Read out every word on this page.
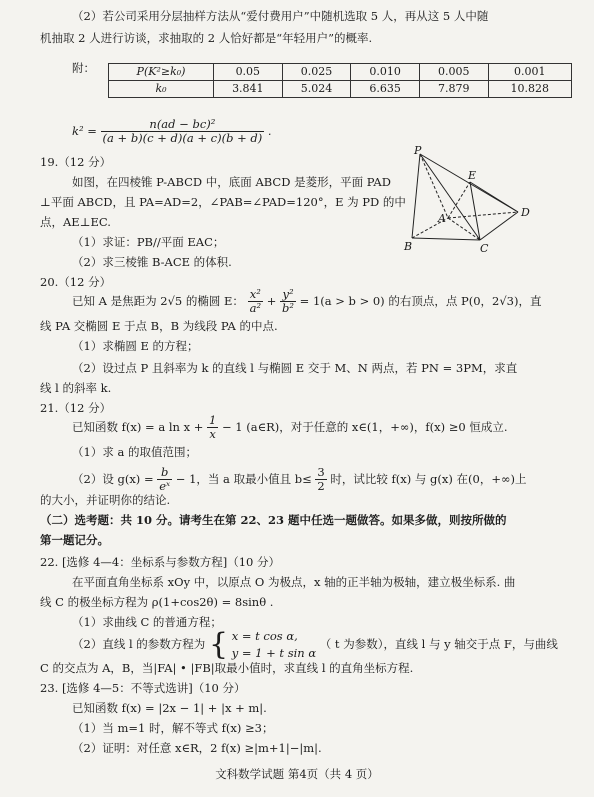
（2）若公司采用分层抽样方法从“爱付费用户”中随机选取 5 人，再从这 5 人中随
机抽取 2 人进行访谈，求抽取的 2 人恰好都是“年轻用户”的概率.
附：	P(K²≥k₀)	0.05	0.025	0.010	0.005	0.001
k₀	3.841	5.024	6.635	7.879	10.828
$k^2 = \frac{\text{n(ad − bc)²}}{(a + b)(c + d)(a + c)(b + d)}$ .
19.（12 分）
如图，在四棱锥 P-ABCD 中，底面 ABCD 是菱形，平面 PAD
⊥平面 ABCD，且 PA=AD=2，∠PAB=∠PAD=120°，E 为 PD 的中
点，AE⊥EC.
（1）求证：PB//平面 EAC；
（2）求三棱锥 B-ACE 的体积.
P
E
A
B	C
D
20.（12 分）
已知 A 是焦距为 2√5 的椭圆 E： $\frac{\text{x²}}{\text{a²}} + \frac{\text{y²}}{\text{b²}} = 1(a > b > 0)$ 的右顶点，点 P(0，2√3)，直
线 PA 交椭圆 E 于点 B，B 为线段 PA 的中点.
（1）求椭圆 E 的方程；
（2）设过点 P 且斜率为 k 的直线 l 与椭圆 E 交于 M、N 两点，若 PN = 3PM，求直
线 l 的斜率 k.
21.（12 分）
已知函数 f(x) = a $\ln x + \frac{1}{x} - 1$ (a∈R)，对于任意的 x∈(1，+∞)，f(x) ≥0 恒成立.
（1）求 a 的取值范围；
（2）设 $g(x) = \frac{b}{\text{eˣ}} - 1$，当 a 取最小值且 $b\le \frac{3}{2}$ 时，试比较 f(x) 与 g(x) 在(0，+∞)上
的大小，并证明你的结论.
（二）选考题：共 10 分。请考生在第 22、23 题中任选一题做答。如果多做，则按所做的
第一题记分。
22. [选修 4—4：坐标系与参数方程]（10 分）
在平面直角坐标系 xOy 中，以原点 O 为极点，x 轴的正半轴为极轴，建立极坐标系. 曲
线 C 的极坐标方程为 ρ(1+cos2θ) = 8sinθ .
（1）求曲线 C 的普通方程；
（2）直线 l 的参数方程为 { x = t cos α,
y = 1 + t sin α
（ t 为参数），直线 l 与 y 轴交于点 F，与曲线
C 的交点为 A，B，当|FA| • |FB|取最小值时，求直线 l 的直角坐标方程.
23. [选修 4—5：不等式选讲]（10 分）
已知函数 f(x) = |2x − 1| + |x + m|.
（1）当 m=1 时，解不等式 f(x) ≥3；
（2）证明：对任意 x∈R，2 f(x) ≥|m+1|−|m|.
文科数学试题 第4页（共 4 页）
